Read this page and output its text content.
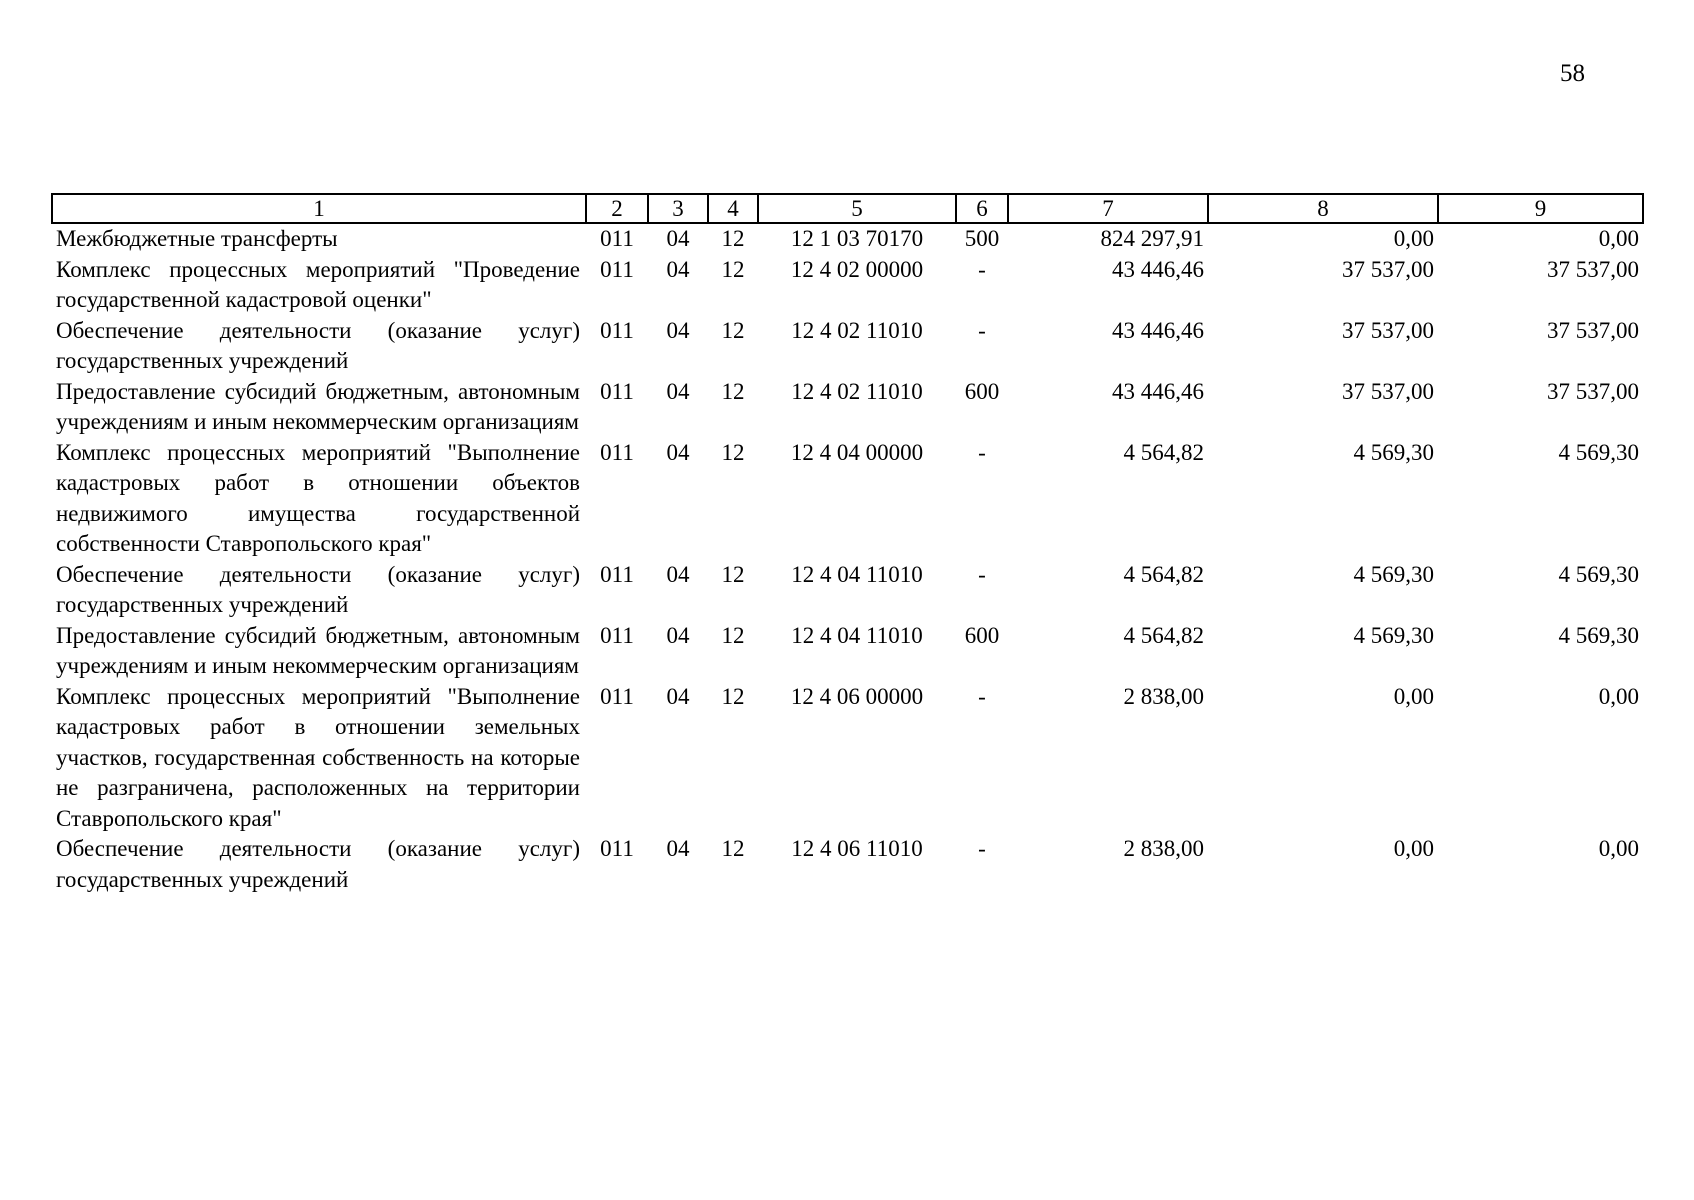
58
1	2	3	4	5	6	7	8	9
Межбюджетные трансферты	011	04	12	12 1 03 70170	500	824 297,91	0,00	0,00
Комплекс процессных мероприятий "Проведение государственной кадастровой оценки"	011	04	12	12 4 02 00000	-	43 446,46	37 537,00	37 537,00
Обеспечение деятельности (оказание услуг) государственных учреждений	011	04	12	12 4 02 11010	-	43 446,46	37 537,00	37 537,00
Предоставление субсидий бюджетным, автономным учреждениям и иным некоммерческим организациям	011	04	12	12 4 02 11010	600	43 446,46	37 537,00	37 537,00
Комплекс процессных мероприятий "Выполнение кадастровых работ в отношении объектов недвижимого имущества государственной собственности Ставропольского края"	011	04	12	12 4 04 00000	-	4 564,82	4 569,30	4 569,30
Обеспечение деятельности (оказание услуг) государственных учреждений	011	04	12	12 4 04 11010	-	4 564,82	4 569,30	4 569,30
Предоставление субсидий бюджетным, автономным учреждениям и иным некоммерческим организациям	011	04	12	12 4 04 11010	600	4 564,82	4 569,30	4 569,30
Комплекс процессных мероприятий "Выполнение кадастровых работ в отношении земельных участков, государственная собственность на которые не разграничена, расположенных на территории Ставропольского края"	011	04	12	12 4 06 00000	-	2 838,00	0,00	0,00
Обеспечение деятельности (оказание услуг) государственных учреждений	011	04	12	12 4 06 11010	-	2 838,00	0,00	0,00
